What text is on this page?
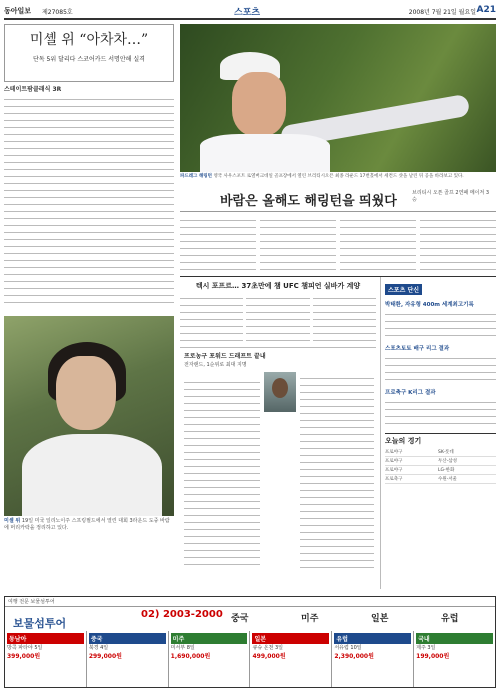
동아일보 제27085호	스포츠	2008년 7월 21일 월요일 A21
미셸 위 “아차차…”
단독 5위 달리다 스코어카드 서명안해 실격
스테이트팜클래식 3R
미셸 위 19일 미국 일리노이주 스프링필드에서 열린 대회 3라운드 도중 바람에 머리카락을 정리하고 있다.
파드레그 해링턴 영국 사우스포트 로열버크데일 골프장에서 열린 브리티시오픈 최종 라운드 17번홀에서 세컨드 샷을 날린 뒤 공을 바라보고 있다.
바람은 올해도 해링턴을 띄웠다
브리티시 오픈 골프 2연패 메이저 3승
텍시 포프르… 37초만에 챔 UFC 챔피언 실바가 계양
프로농구 포워드 드래프트 끝내
전자랜드, 1순위로 최대 지명
스포츠 단신
박태환, 자유형 400m 세계최고기록
스포츠토토 배구 리그 결과
프로축구 K리그 결과
오늘의 경기
프로야구	SK-롯데
프로야구	두산-삼성
프로야구	LG-한화
프로축구	수원-서울
여행 전문 보물섬투어
보물섬투어
02) 2003-2000 중국	미주	일본	유럽
동남아
방콕 파타야 5일
399,000원
중국
북경 4일
299,000원
미주
미서부 8일
1,690,000원
일본
큐슈 온천 3일
499,000원
유럽
서유럽 10일
2,390,000원
국내
제주 3일
199,000원
